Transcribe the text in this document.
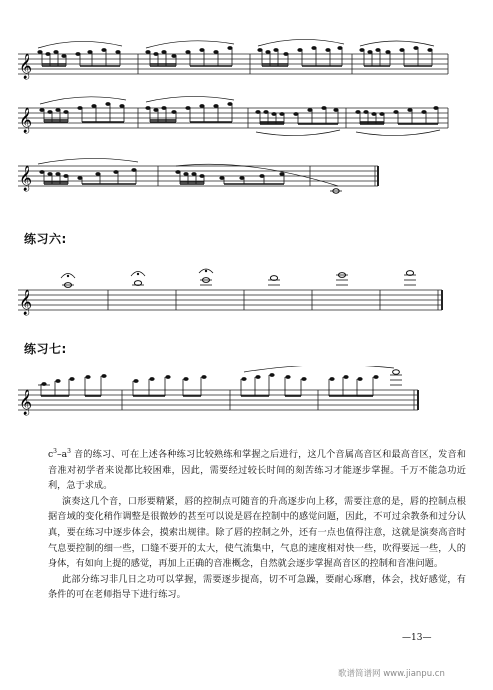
𝄞
𝄞
𝄞
练习六:
𝄞
练习七:
𝄞

$c^3-a^3$ 音的练习、可在上述各种练习比较熟练和掌握之后进行，这几个音属高音区和最高音区，发音和音准对初学者来说都比较困难，因此，需要经过较长时间的刻苦练习才能逐步掌握。千万不能急功近利，急于求成。

演奏这几个音，口形要精紧，唇的控制点可随音的升高逐步向上移，需要注意的是，唇的控制点根据音域的变化稍作调整是很微妙的甚至可以说是唇在控制中的感觉问题，因此，不可过余教条和过分认真，要在练习中逐步体会，摸索出规律。除了唇的控制之外，还有一点也值得注意，这就是演奏高音时气息要控制的细一些，口缝不要开的太大，使气流集中，气息的速度相对快一些，吹得要远一些，人的身体，有如向上提的感觉，再加上正确的音准概念，自然就会逐步掌握高音区的控制和音准问题。

此部分练习非几日之功可以掌握，需要逐步提高，切不可急躁，要耐心琢磨，体会，找好感觉，有条件的可在老师指导下进行练习。

—13—
歌谱简谱网 www.jianpu.cn
